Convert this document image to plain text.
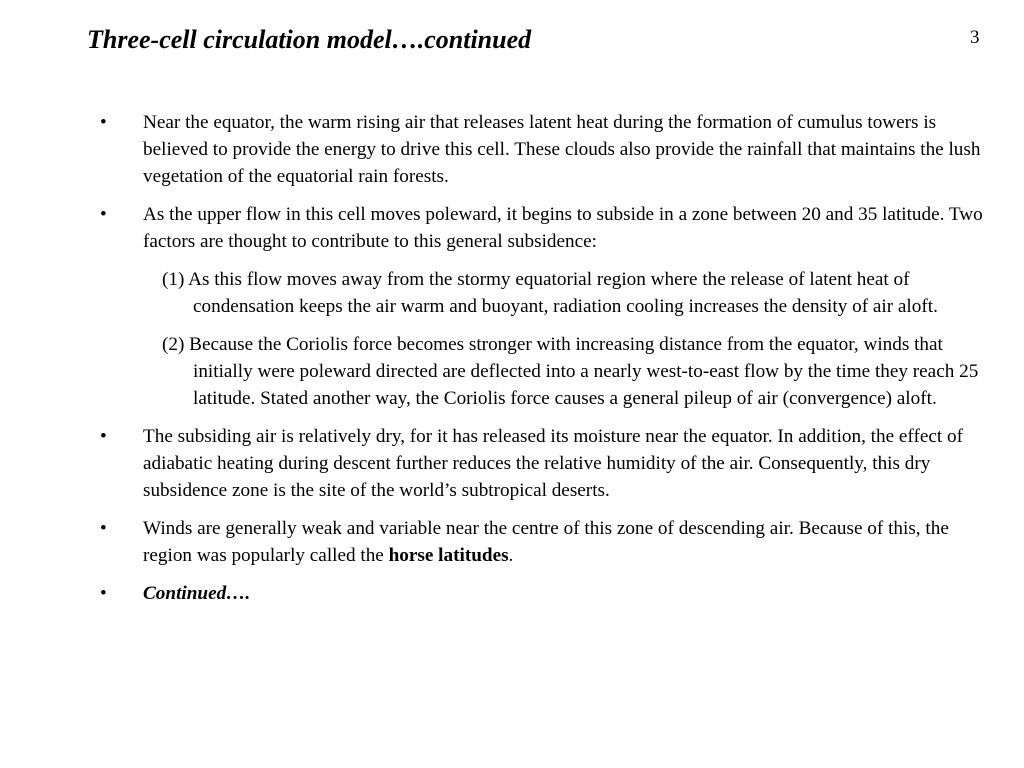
Three-cell circulation model….continued	3
• Near the equator, the warm rising air that releases latent heat during the formation of cumulus towers is believed to provide the energy to drive this cell. These clouds also provide the rainfall that maintains the lush vegetation of the equatorial rain forests.
• As the upper flow in this cell moves poleward, it begins to subside in a zone between 20 and 35 latitude. Two factors are thought to contribute to this general subsidence:
(1) As this flow moves away from the stormy equatorial region where the release of latent heat of condensation keeps the air warm and buoyant, radiation cooling increases the density of air aloft.
(2) Because the Coriolis force becomes stronger with increasing distance from the equator, winds that initially were poleward directed are deflected into a nearly west-to-east flow by the time they reach 25 latitude. Stated another way, the Coriolis force causes a general pileup of air (convergence) aloft.
• The subsiding air is relatively dry, for it has released its moisture near the equator. In addition, the effect of adiabatic heating during descent further reduces the relative humidity of the air. Consequently, this dry subsidence zone is the site of the world’s subtropical deserts.
• Winds are generally weak and variable near the centre of this zone of descending air. Because of this, the region was popularly called the horse latitudes.
• Continued….
